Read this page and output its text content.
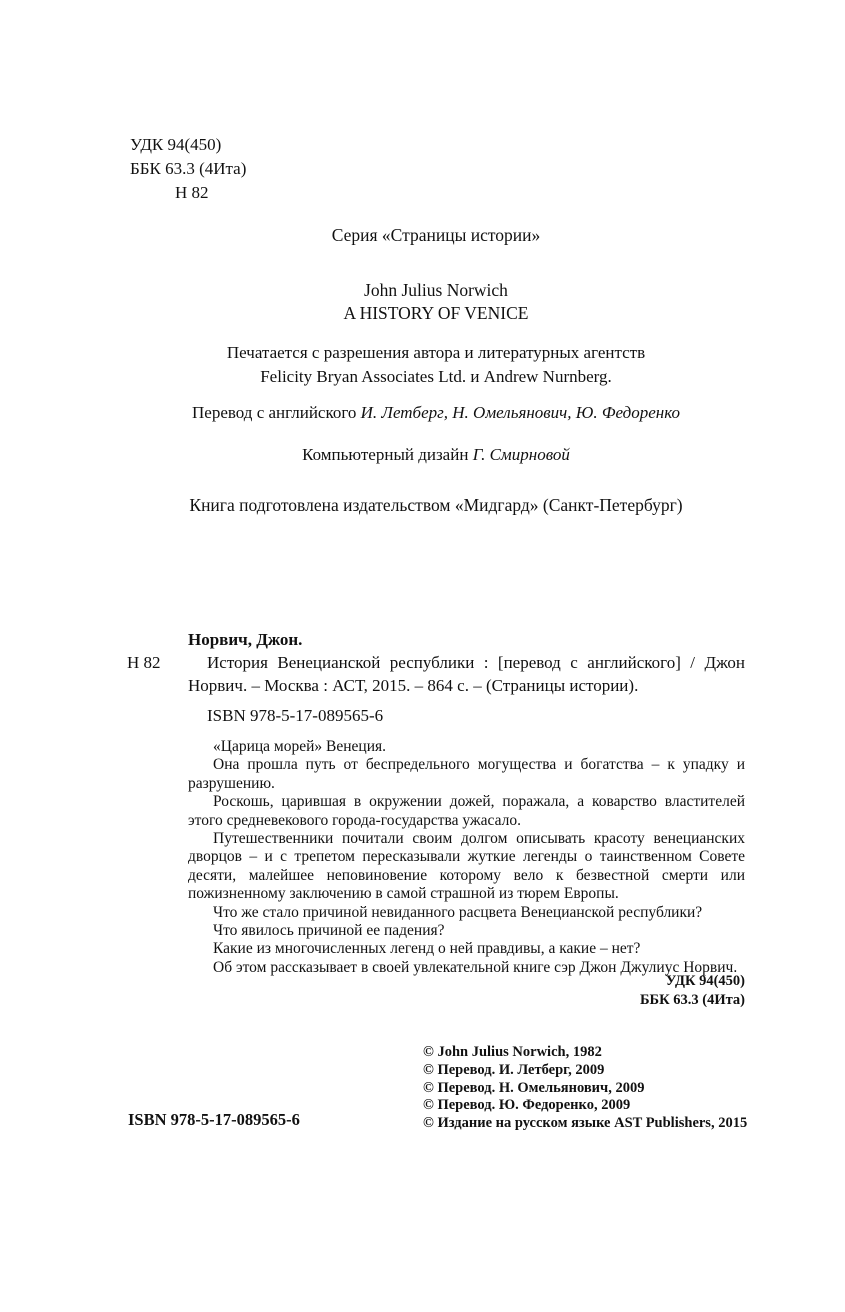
УДК 94(450)
ББК 63.3 (4Ита)
Н 82
Серия «Страницы истории»
John Julius Norwich
A HISTORY OF VENICE
Печатается с разрешения автора и литературных агентств
Felicity Bryan Associates Ltd. и Andrew Nurnberg.
Перевод с английского И. Летберг, Н. Омельянович, Ю. Федоренко
Компьютерный дизайн Г. Смирновой
Книга подготовлена издательством «Мидгард» (Санкт-Петербург)
Н 82
Норвич, Джон.

История Венецианской республики : [перевод с английского] / Джон Норвич. – Москва : АСТ, 2015. – 864 с. – (Страницы истории).

ISBN 978-5-17-089565-6

«Царица морей» Венеция.

Она прошла путь от беспредельного могущества и богатства – к упадку и разрушению.

Роскошь, царившая в окружении дожей, поражала, а коварство властителей этого средневекового города-государства ужасало.

Путешественники почитали своим долгом описывать красоту венецианских дворцов – и с трепетом пересказывали жуткие легенды о таинственном Совете десяти, малейшее неповиновение которому вело к безвестной смерти или пожизненному заключению в самой страшной из тюрем Европы.

Что же стало причиной невиданного расцвета Венецианской республики?

Что явилось причиной ее падения?

Какие из многочисленных легенд о ней правдивы, а какие – нет?

Об этом рассказывает в своей увлекательной книге сэр Джон Джулиус Норвич.

УДК 94(450)
ББК 63.3 (4Ита)
© John Julius Norwich, 1982
© Перевод. И. Летберг, 2009
© Перевод. Н. Омельянович, 2009
© Перевод. Ю. Федоренко, 2009
© Издание на русском языке AST Publishers, 2015
ISBN 978-5-17-089565-6
